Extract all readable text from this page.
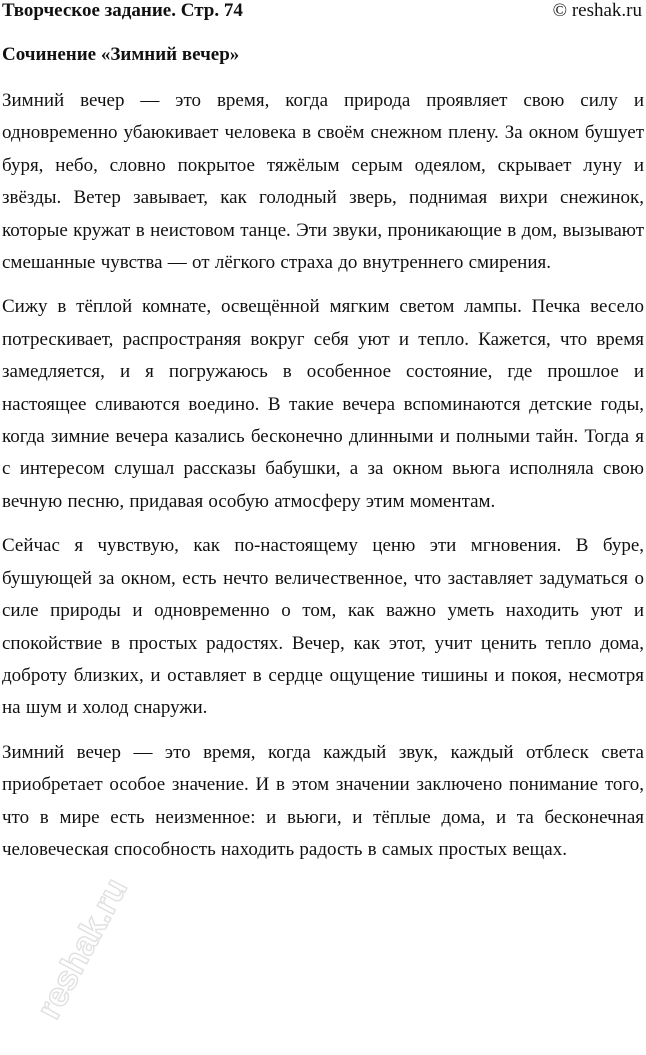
Творческое задание. Стр. 74	© reshak.ru
Сочинение «Зимний вечер»

Зимний вечер — это время, когда природа проявляет свою силу и одновременно убаюкивает человека в своём снежном плену. За окном бушует буря, небо, словно покрытое тяжёлым серым одеялом, скрывает луну и звёзды. Ветер завывает, как голодный зверь, поднимая вихри снежинок, которые кружат в неистовом танце. Эти звуки, проникающие в дом, вызывают смешанные чувства — от лёгкого страха до внутреннего смирения.

Сижу в тёплой комнате, освещённой мягким светом лампы. Печка весело потрескивает, распространяя вокруг себя уют и тепло. Кажется, что время замедляется, и я погружаюсь в особенное состояние, где прошлое и настоящее сливаются воедино. В такие вечера вспоминаются детские годы, когда зимние вечера казались бесконечно длинными и полными тайн. Тогда я с интересом слушал рассказы бабушки, а за окном вьюга исполняла свою вечную песню, придавая особую атмосферу этим моментам.

Сейчас я чувствую, как по-настоящему ценю эти мгновения. В буре, бушующей за окном, есть нечто величественное, что заставляет задуматься о силе природы и одновременно о том, как важно уметь находить уют и спокойствие в простых радостях. Вечер, как этот, учит ценить тепло дома, доброту близких, и оставляет в сердце ощущение тишины и покоя, несмотря на шум и холод снаружи.

Зимний вечер — это время, когда каждый звук, каждый отблеск света приобретает особое значение. И в этом значении заключено понимание того, что в мире есть неизменное: и вьюги, и тёплые дома, и та бесконечная человеческая способность находить радость в самых простых вещах.

reshak.ru
